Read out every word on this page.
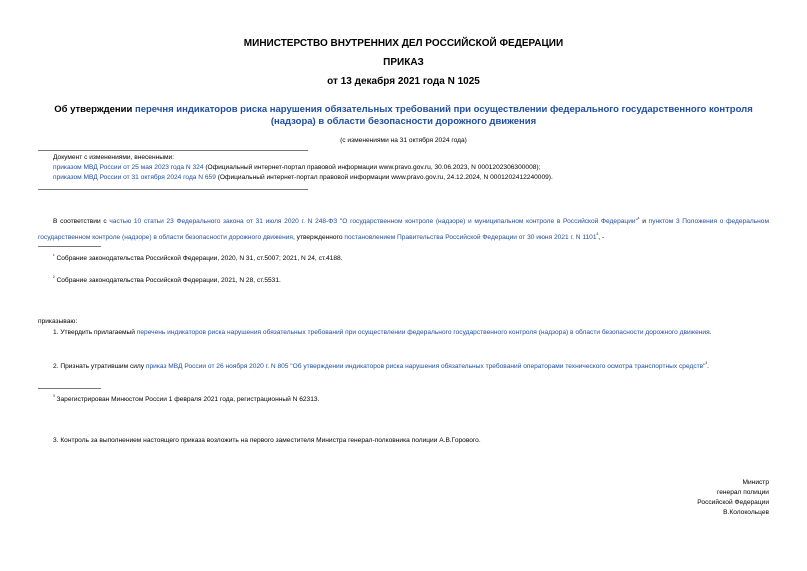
МИНИСТЕРСТВО ВНУТРЕННИХ ДЕЛ РОССИЙСКОЙ ФЕДЕРАЦИИ
ПРИКАЗ
от 13 декабря 2021 года N 1025
Об утверждении перечня индикаторов риска нарушения обязательных требований при осуществлении федерального государственного контроля (надзора) в области безопасности дорожного движения
(с изменениями на 31 октября 2024 года)
Документ с изменениями, внесенными:
приказом МВД России от 25 мая 2023 года N 324 (Официальный интернет-портал правовой информации www.pravo.gov.ru, 30.06.2023, N 0001202306300008);
приказом МВД России от 31 октября 2024 года N 659 (Официальный интернет-портал правовой информации www.pravo.gov.ru, 24.12.2024, N 0001202412240009).
В соответствии с частью 10 статьи 23 Федерального закона от 31 июля 2020 г. N 248-ФЗ "О государственном контроле (надзоре) и муниципальном контроле в Российской Федерации"$^{^1}$ и пунктом 3 Положения о федеральном государственном контроле (надзоре) в области безопасности дорожного движения, утвержденного постановлением Правительства Российской Федерации от 30 июня 2021 г. N $1101^{^2}$, -
$^{^1}$ Собрание законодательства Российской Федерации, 2020, N 31, ст.5007; 2021, N 24, ст.4188.
$^{^2}$ Собрание законодательства Российской Федерации, 2021, N 28, ст.5531.
приказываю:
1. Утвердить прилагаемый перечень индикаторов риска нарушения обязательных требований при осуществлении федерального государственного контроля (надзора) в области безопасности дорожного движения.
2. Признать утратившим силу приказ МВД России от 26 ноября 2020 г. N 805 "Об утверждении индикаторов риска нарушения обязательных требований операторами технического осмотра транспортных средств"$^{^3}$.
$^{^3}$ Зарегистрирован Минюстом России 1 февраля 2021 года, регистрационный N 62313.
3. Контроль за выполнением настоящего приказа возложить на первого заместителя Министра генерал-полковника полиции А.В.Горового.
Министр
генерал полиции
Российской Федерации
В.Колокольцев
